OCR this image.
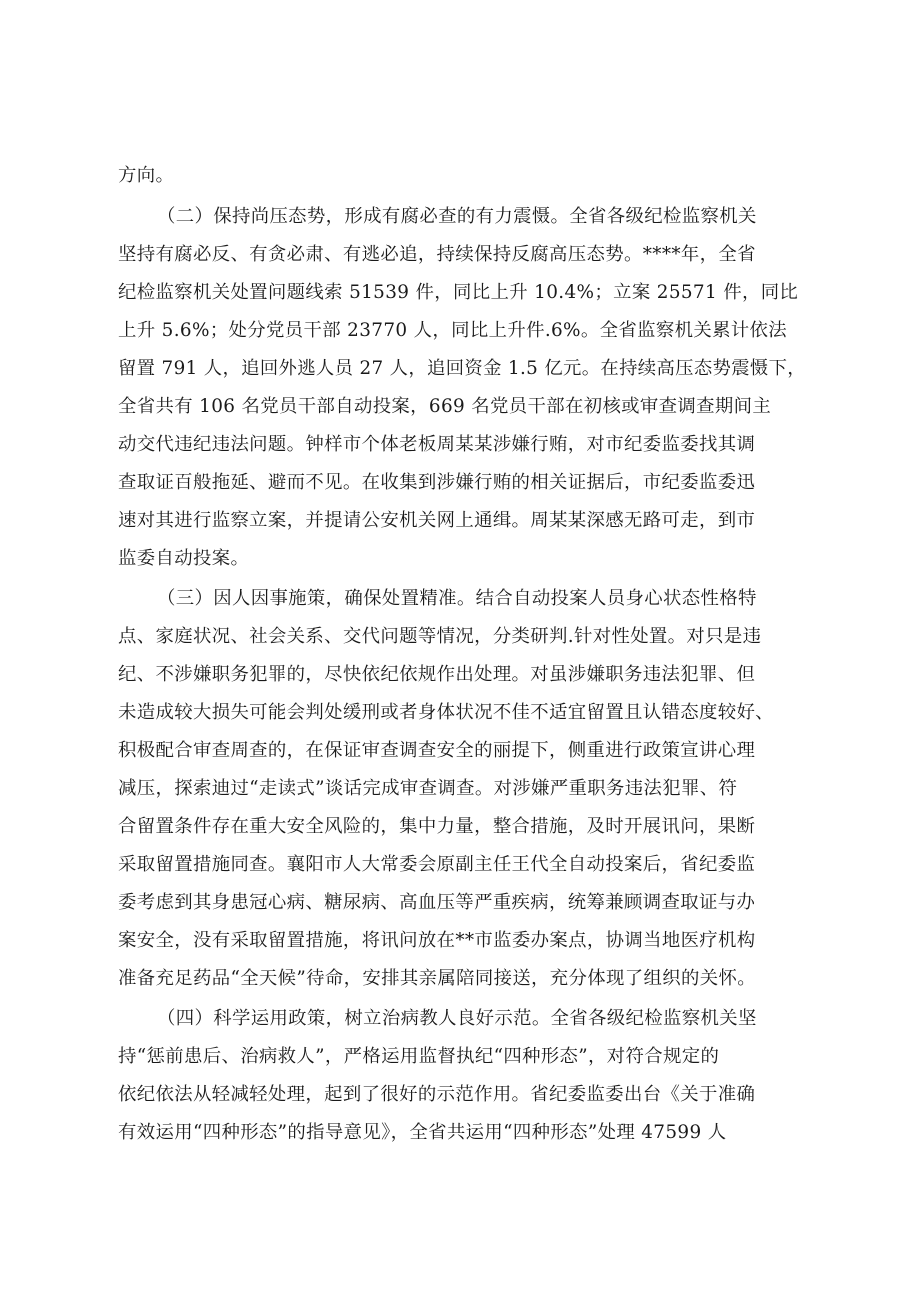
方向。
（二）保持尚压态势，形成有腐必查的有力震慑。全省各级纪检监察机关
坚持有腐必反、有贪必肃、有逃必追，持续保持反腐高压态势。****年，全省
纪检监察机关处置问题线索 51539 件，同比上升 10.4%；立案 25571 件，同比
上升 5.6%；处分党员干部 23770 人，同比上升件.6%。全省监察机关累计依法
留置 791 人，追回外逃人员 27 人，追回资金 1.5 亿元。在持续高压态势震慑下，
全省共有 106 名党员干部自动投案，669 名党员干部在初核或审查调查期间主
动交代违纪违法问题。钟样市个体老板周某某涉嫌行贿，对市纪委监委找其调
查取证百般拖延、避而不见。在收集到涉嫌行贿的相关证据后，市纪委监委迅
速对其进行监察立案，并提请公安机关网上通缉。周某某深感无路可走，到市
监委自动投案。
（三）因人因事施策，确保处置精准。结合自动投案人员身心状态性格特
点、家庭状况、社会关系、交代问题等情况，分类研判.针对性处置。对只是违
纪、不涉嫌职务犯罪的，尽快依纪依规作出处理。对虽涉嫌职务违法犯罪、但
未造成较大损失可能会判处缓刑或者身体状况不佳不适宜留置且认错态度较好、
积极配合审查周查的，在保证审查调查安全的丽提下，侧重进行政策宣讲心理
减压，探索迪过“走读式”谈话完成审查调查。对涉嫌严重职务违法犯罪、符
合留置条件存在重大安全风险的，集中力量，整合措施，及时开展讯问，果断
采取留置措施同查。襄阳市人大常委会原副主任王代全自动投案后，省纪委监
委考虑到其身患冠心病、糖尿病、高血压等严重疾病，统筹兼顾调查取证与办
案安全，没有采取留置措施，将讯问放在**市监委办案点，协调当地医疗机构
准备充足药品“全天候”待命，安排其亲属陪同接送，充分体现了组织的关怀。
（四）科学运用政策，树立治病教人良好示范。全省各级纪检监察机关坚
持“惩前患后、治病救人”，严格运用监督执纪“四种形态”，对符合规定的
依纪依法从轻减轻处理，起到了很好的示范作用。省纪委监委出台《关于准确
有效运用“四种形态”的指导意见》，全省共运用“四种形态”处理 47599 人
